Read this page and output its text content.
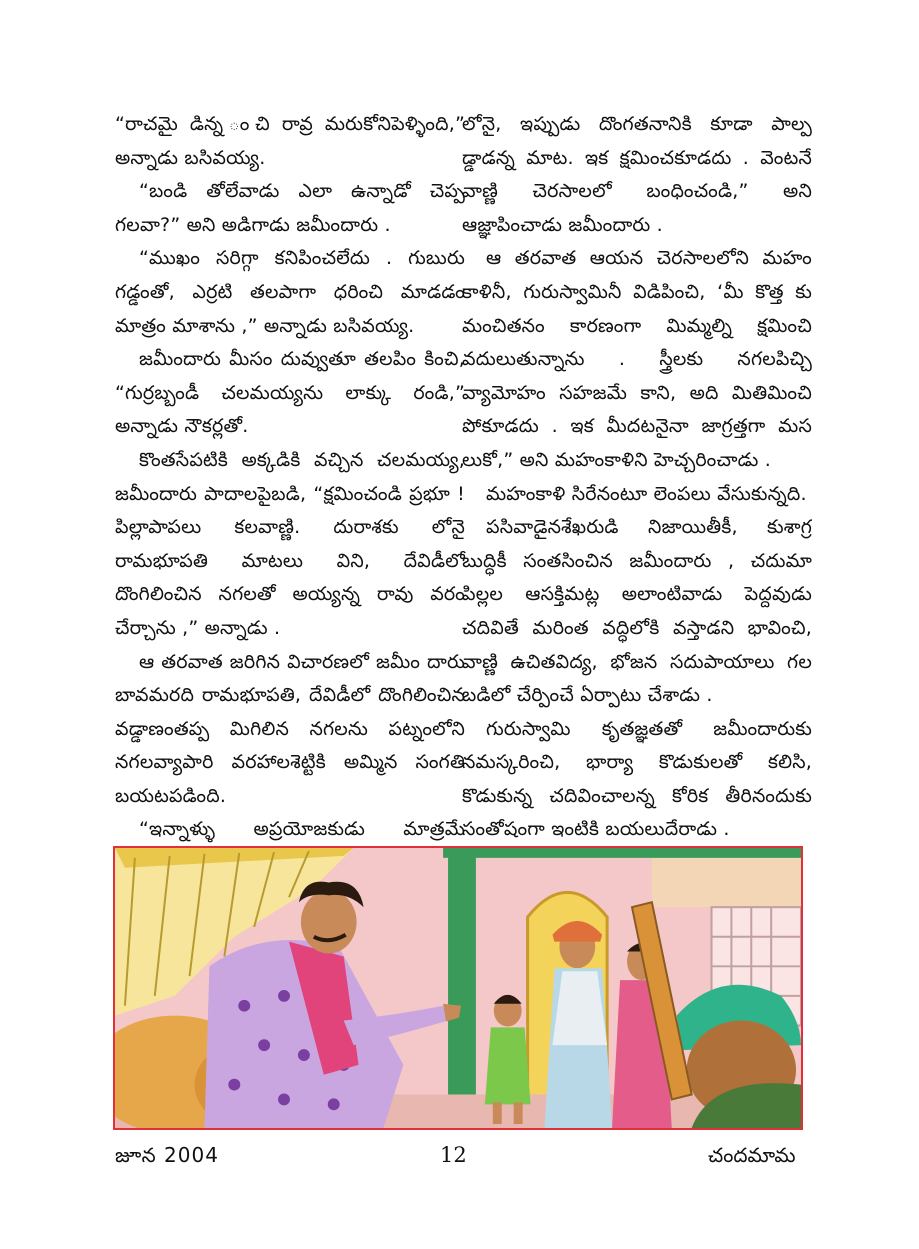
“రాచమై డిన్న ంచి రావ్ర మరుకోనిపెళ్ళింది,” అన్నాడు బసివయ్య.

“బండి తోలేవాడు ఎలా ఉన్నాడో చెప్ప గలవా?” అని అడిగాడు జమీందారు .

“ముఖం సరిగ్గా కనిపించలేదు . గుబురు గడ్డంతో, ఎర్రటి తలపాగా ధరించి మాడడం మాత్రం మాశాను ,” అన్నాడు బసివయ్య.

జమీందారు మీసం దువ్వుతూ తలపిం కించి, “గుర్రబ్బండీ చలమయ్యను లాక్కు రండి,” అన్నాడు నౌకర్లతో.

కొంతసేపటికి అక్కడికి వచ్చిన చలమయ్య, జమీందారు పాదాలపైబడి, “క్షమించండి ప్రభూ ! పిల్లాపాపలు కలవాణ్ణి. దురాశకు లోనై రామభూపతి మాటలు విని, దేవిడీలో దొంగిలించిన నగలతో అయ్యన్న రావు వరం చేర్చాను ,” అన్నాడు .

ఆ తరవాత జరిగిన విచారణలో జమీం దారు బావమరది రామభూపతి, దేవిడీలో దొంగిలించిన వడ్డాణంతప్ప మిగిలిన నగలను పట్నంలోని నగలవ్యాపారి వరహాలశెట్టికి అమ్మిన సంగతి బయటపడింది.

“ఇన్నాళ్ళు అప్రయోజకుడు మాత్రమే

లోనై, ఇప్పుడు దొంగతనానికి కూడా పాల్ప డ్డాడన్న మాట. ఇక క్షమించకూడదు . వెంటనే వాణ్ణి చెరసాలలో బంధించండి,” అని ఆజ్ఞాపించాడు జమీందారు .

ఆ తరవాత ఆయన చెరసాలలోని మహం కాళినీ, గురుస్వామినీ విడిపించి, ‘మీ కొత్త కు మంచితనం కారణంగా మిమ్మల్ని క్షమించి వదులుతున్నాను . స్త్రీలకు నగలపిచ్చి వ్యామోహం సహజమే కాని, అది మితిమించి పోకూడదు . ఇక మీదటనైనా జాగ్రత్తగా మస లుకో,” అని మహంకాళిని హెచ్చరించాడు .

మహంకాళి సిరేనంటూ లెంపలు వేసుకున్నది.

పసివాడైనశేఖరుడి నిజాయితీకీ, కుశాగ్ర బుద్ధికీ సంతసించిన జమీందారు , చదుమా పిల్లల ఆసక్తిమట్ల అలాంటివాడు పెద్దవుడు చదివితే మరింత వద్ధిలోకి వస్తాడని భావించి, వాణ్ణి ఉచితవిద్య, భోజన సదుపాయాలు గల బడిలో చేర్పించే ఏర్పాటు చేశాడు .

గురుస్వామి కృతజ్ఞతతో జమీందారుకు నమస్కరించి, భార్యా కొడుకులతో కలిసి, కొడుకున్న చదివించాలన్న కోరిక తీరినందుకు సంతోషంగా ఇంటికి బయలుదేరాడు .

జూన 2004	12	చందమామ
